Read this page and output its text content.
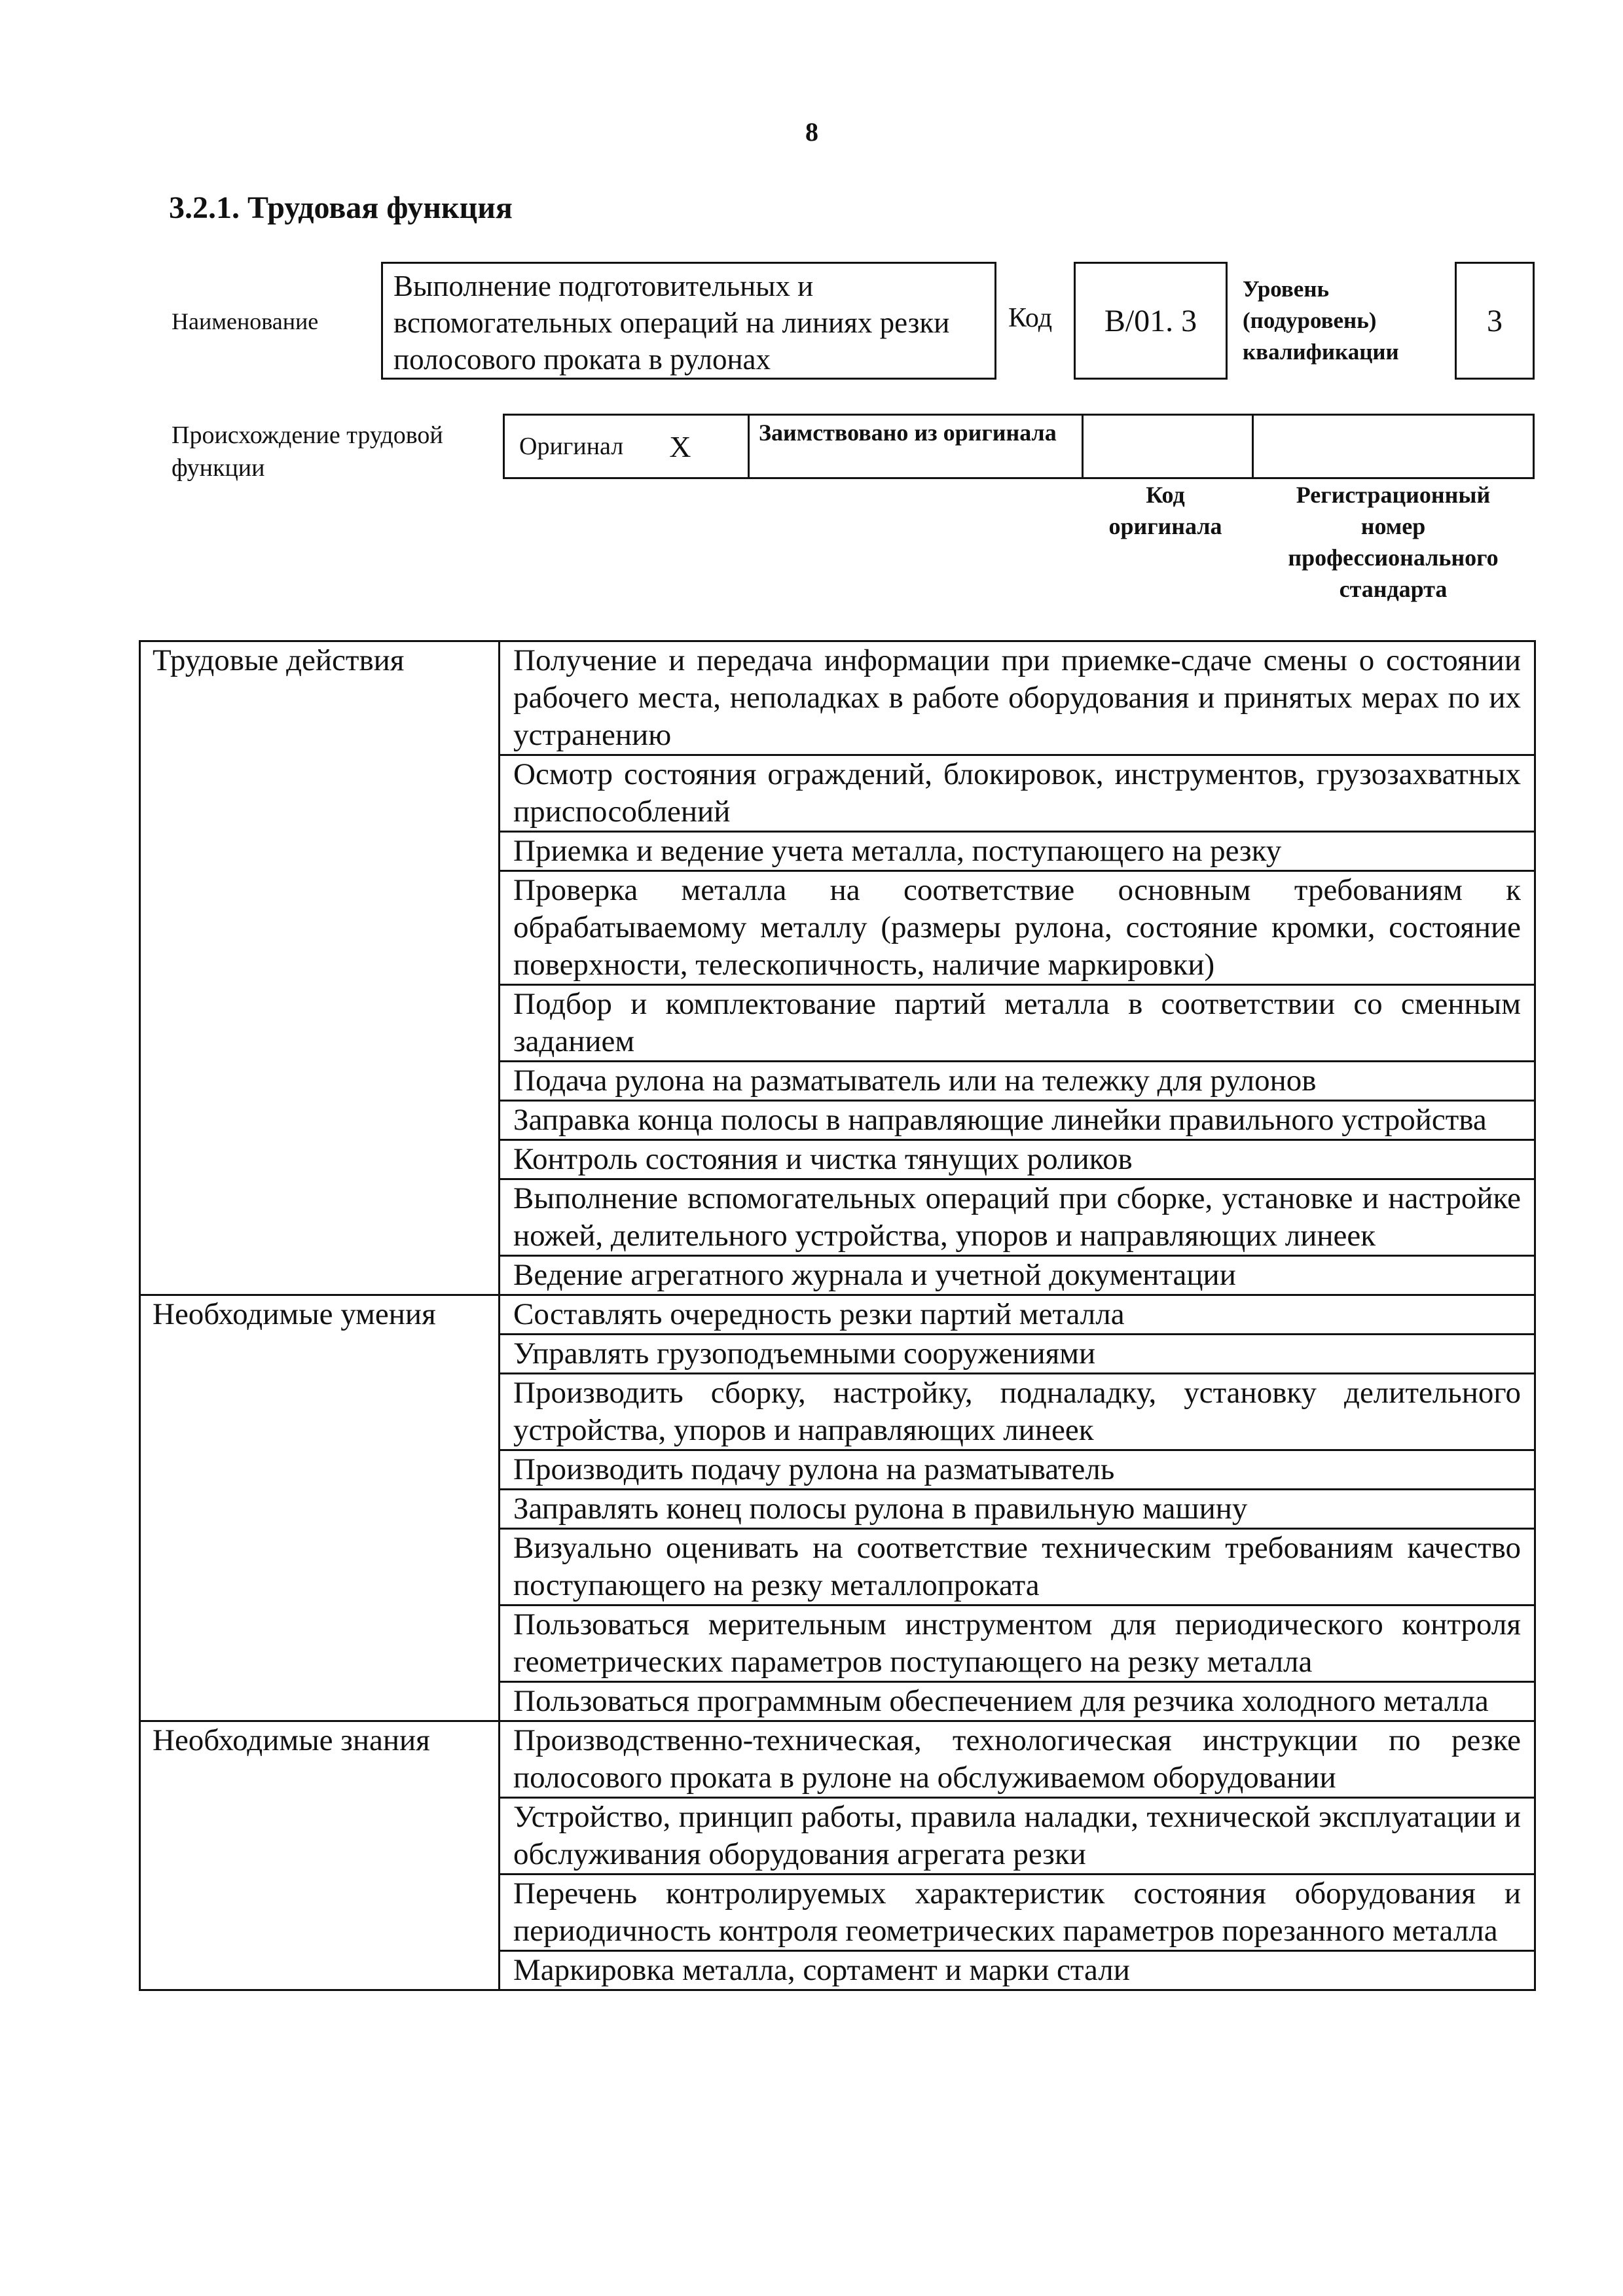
8
3.2.1. Трудовая функция
Наименование
Выполнение подготовительных и вспомогательных операций на линиях резки полосового проката в рулонах
Код B/01. 3
Уровень (подуровень) квалификации
3
Происхождение трудовой функции
Оригинал X	Заимствовано из оригинала
Код оригинала
Регистрационный номер профессионального стандарта
Трудовые действия	Получение и передача информации при приемке-сдаче смены о состоянии рабочего места, неполадках в работе оборудования и принятых мерах по их устранению
	Осмотр состояния ограждений, блокировок, инструментов, грузозахватных приспособлений
	Приемка и ведение учета металла, поступающего на резку
	Проверка металла на соответствие основным требованиям к обрабатываемому металлу (размеры рулона, состояние кромки, состояние поверхности, телескопичность, наличие маркировки)
	Подбор и комплектование партий металла в соответствии со сменным заданием
	Подача рулона на разматыватель или на тележку для рулонов
	Заправка конца полосы в направляющие линейки правильного устройства
	Контроль состояния и чистка тянущих роликов
	Выполнение вспомогательных операций при сборке, установке и настройке ножей, делительного устройства, упоров и направляющих линеек
	Ведение агрегатного журнала и учетной документации
Необходимые умения	Составлять очередность резки партий металла
	Управлять грузоподъемными сооружениями
	Производить сборку, настройку, подналадку, установку делительного устройства, упоров и направляющих линеек
	Производить подачу рулона на разматыватель
	Заправлять конец полосы рулона в правильную машину
	Визуально оценивать на соответствие техническим требованиям качество поступающего на резку металлопроката
	Пользоваться мерительным инструментом для периодического контроля геометрических параметров поступающего на резку металла
	Пользоваться программным обеспечением для резчика холодного металла
Необходимые знания	Производственно-техническая, технологическая инструкции по резке полосового проката в рулоне на обслуживаемом оборудовании
	Устройство, принцип работы, правила наладки, технической эксплуатации и обслуживания оборудования агрегата резки
	Перечень контролируемых характеристик состояния оборудования и периодичность контроля геометрических параметров порезанного металла
	Маркировка металла, сортамент и марки стали
